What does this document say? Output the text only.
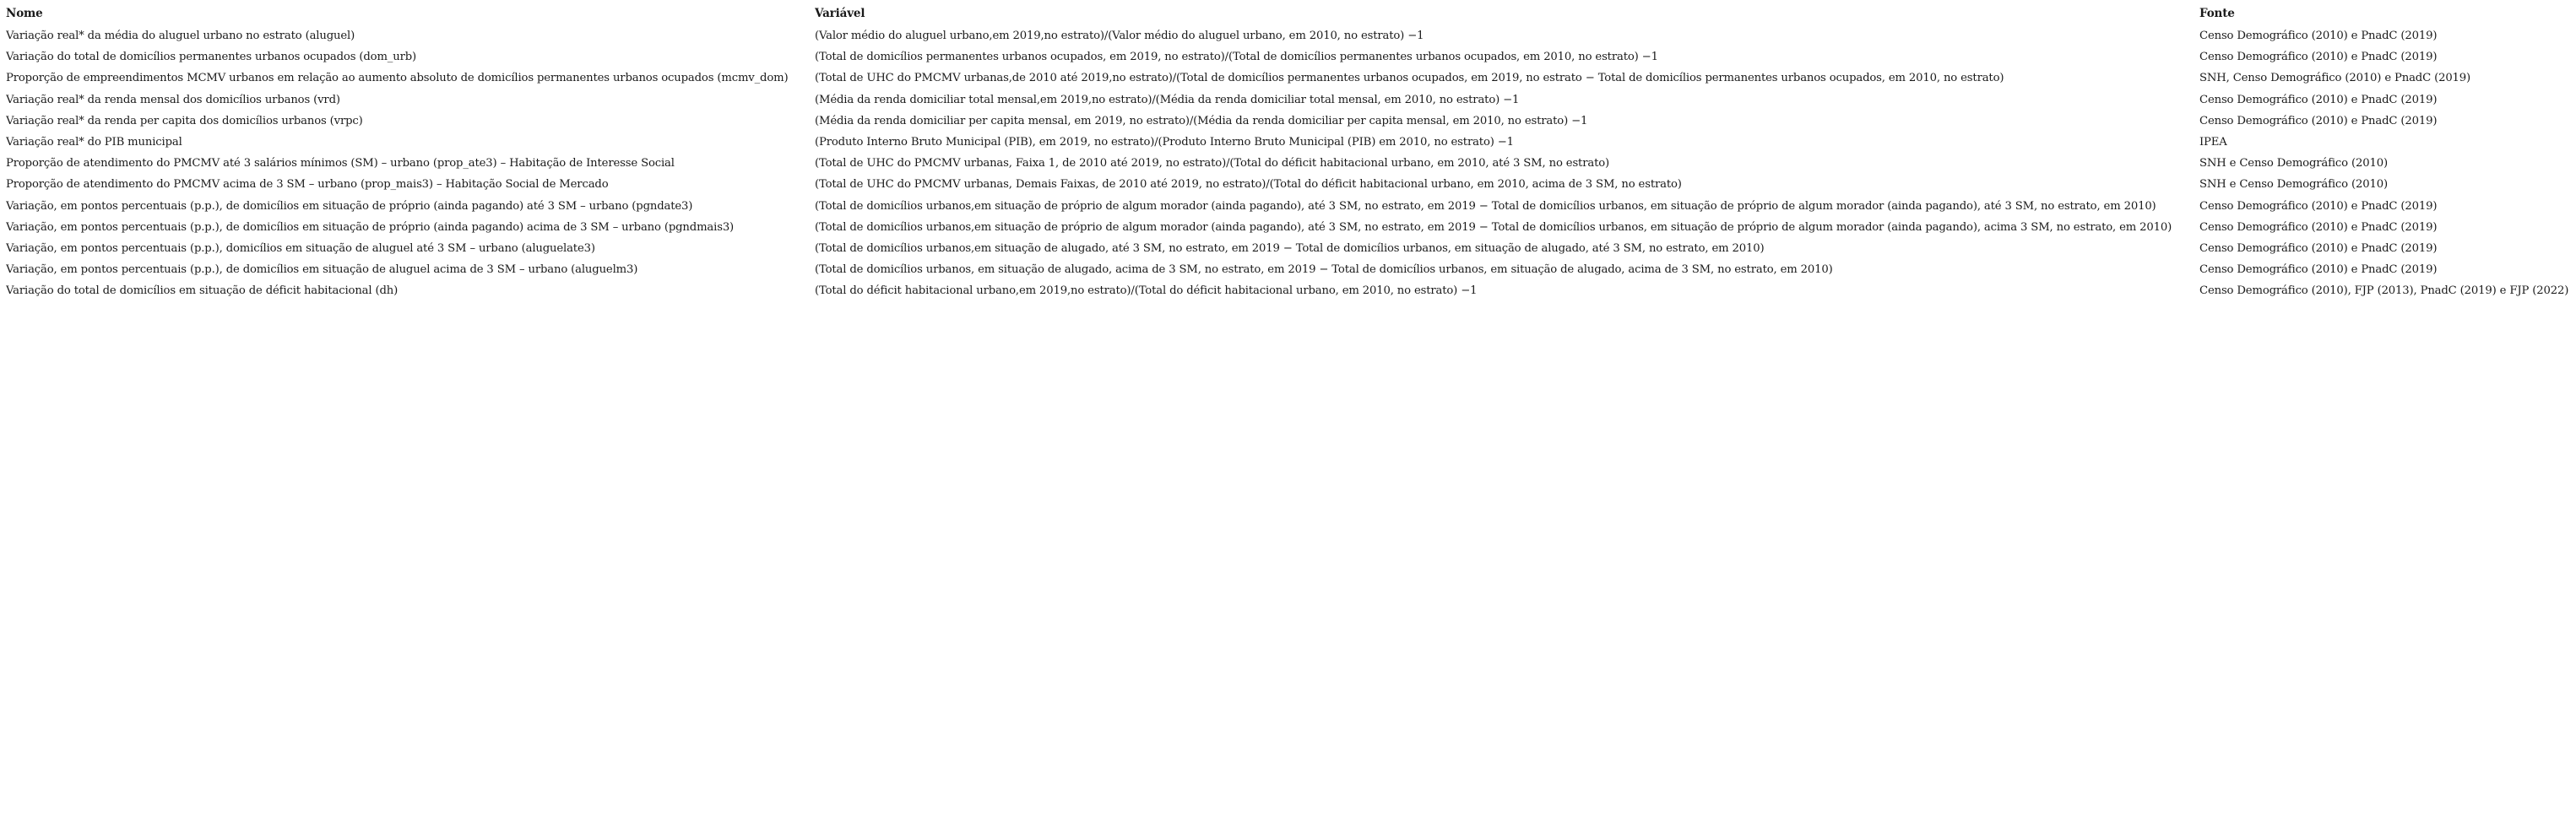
Nome	Variável	Fonte
Variação real* da média do aluguel urbano no estrato (aluguel)	(Valor médio do aluguel urbano,em 2019,no estrato)/(Valor médio do aluguel urbano, em 2010, no estrato) −1	Censo Demográfico (2010) e PnadC (2019)
Variação do total de domicílios permanentes urbanos ocupados (dom_urb)	(Total de domicílios permanentes urbanos ocupados, em 2019, no estrato)/(Total de domicílios permanentes urbanos ocupados, em 2010, no estrato) −1	Censo Demográfico (2010) e PnadC (2019)
Proporção de empreendimentos MCMV urbanos em relação ao aumento absoluto de domicílios permanentes urbanos ocupados (mcmv_dom)	(Total de UHC do PMCMV urbanas,de 2010 até 2019,no estrato)/(Total de domicílios permanentes urbanos ocupados, em 2019, no estrato − Total de domicílios permanentes urbanos ocupados, em 2010, no estrato)	SNH, Censo Demográfico (2010) e PnadC (2019)
Variação real* da renda mensal dos domicílios urbanos (vrd)	(Média da renda domiciliar total mensal,em 2019,no estrato)/(Média da renda domiciliar total mensal, em 2010, no estrato) −1	Censo Demográfico (2010) e PnadC (2019)
Variação real* da renda per capita dos domicílios urbanos (vrpc)	(Média da renda domiciliar per capita mensal, em 2019, no estrato)/(Média da renda domiciliar per capita mensal, em 2010, no estrato) −1	Censo Demográfico (2010) e PnadC (2019)
Variação real* do PIB municipal	(Produto Interno Bruto Municipal (PIB), em 2019, no estrato)/(Produto Interno Bruto Municipal (PIB) em 2010, no estrato) −1	IPEA
Proporção de atendimento do PMCMV até 3 salários mínimos (SM) – urbano (prop_ate3) – Habitação de Interesse Social	(Total de UHC do PMCMV urbanas, Faixa 1, de 2010 até 2019, no estrato)/(Total do déficit habitacional urbano, em 2010, até 3 SM, no estrato)	SNH e Censo Demográfico (2010)
Proporção de atendimento do PMCMV acima de 3 SM – urbano (prop_mais3) – Habitação Social de Mercado	(Total de UHC do PMCMV urbanas, Demais Faixas, de 2010 até 2019, no estrato)/(Total do déficit habitacional urbano, em 2010, acima de 3 SM, no estrato)	SNH e Censo Demográfico (2010)
Variação, em pontos percentuais (p.p.), de domicílios em situação de próprio (ainda pagando) até 3 SM – urbano (pgndate3)	(Total de domicílios urbanos,em situação de próprio de algum morador (ainda pagando), até 3 SM, no estrato, em 2019 − Total de domicílios urbanos, em situação de próprio de algum morador (ainda pagando), até 3 SM, no estrato, em 2010)	Censo Demográfico (2010) e PnadC (2019)
Variação, em pontos percentuais (p.p.), de domicílios em situação de próprio (ainda pagando) acima de 3 SM – urbano (pgndmais3)	(Total de domicílios urbanos,em situação de próprio de algum morador (ainda pagando), até 3 SM, no estrato, em 2019 − Total de domicílios urbanos, em situação de próprio de algum morador (ainda pagando), acima 3 SM, no estrato, em 2010)	Censo Demográfico (2010) e PnadC (2019)
Variação, em pontos percentuais (p.p.), domicílios em situação de aluguel até 3 SM – urbano (aluguelate3)	(Total de domicílios urbanos,em situação de alugado, até 3 SM, no estrato, em 2019 − Total de domicílios urbanos, em situação de alugado, até 3 SM, no estrato, em 2010)	Censo Demográfico (2010) e PnadC (2019)
Variação, em pontos percentuais (p.p.), de domicílios em situação de aluguel acima de 3 SM – urbano (aluguelm3)	(Total de domicílios urbanos, em situação de alugado, acima de 3 SM, no estrato, em 2019 − Total de domicílios urbanos, em situação de alugado, acima de 3 SM, no estrato, em 2010)	Censo Demográfico (2010) e PnadC (2019)
Variação do total de domicílios em situação de déficit habitacional (dh)	(Total do déficit habitacional urbano,em 2019,no estrato)/(Total do déficit habitacional urbano, em 2010, no estrato) −1	Censo Demográfico (2010), FJP (2013), PnadC (2019) e FJP (2022)
